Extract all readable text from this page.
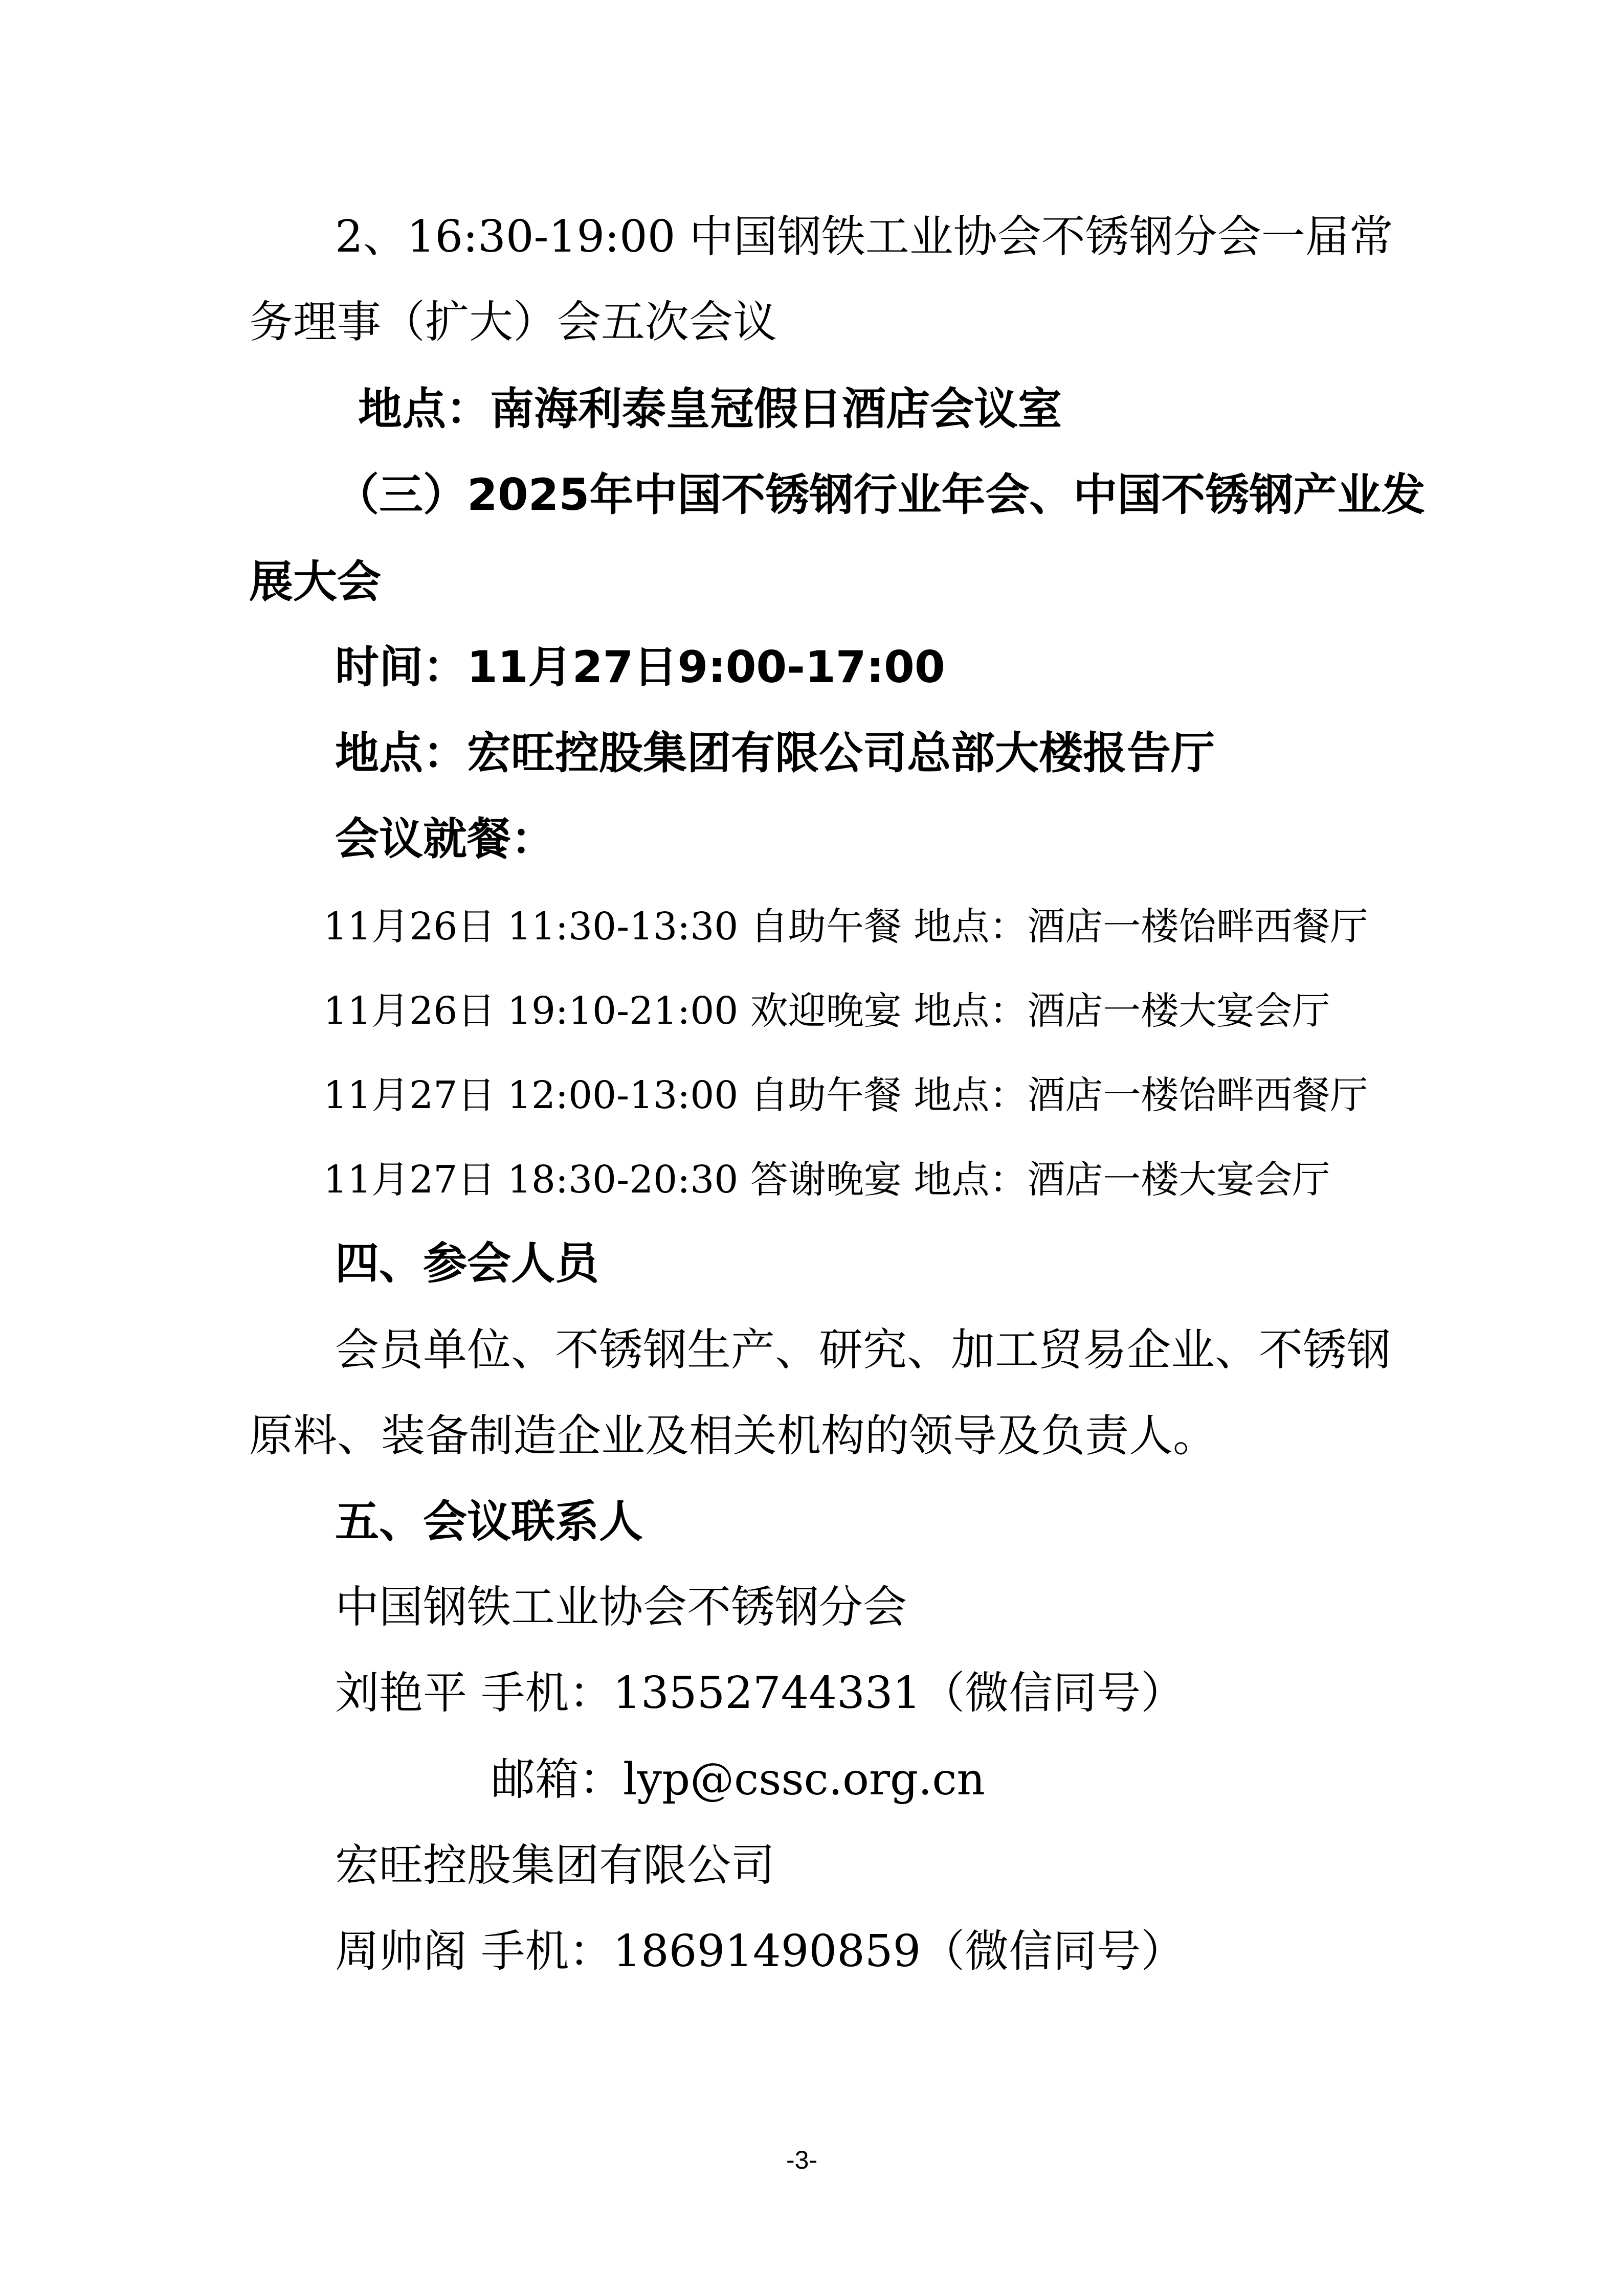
2、16:30-19:00 中国钢铁工业协会不锈钢分会一届常
务理事（扩大）会五次会议
地点：南海利泰皇冠假日酒店会议室
（三）2025年中国不锈钢行业年会、中国不锈钢产业发
展大会
时间：11月27日9:00-17:00
地点：宏旺控股集团有限公司总部大楼报告厅
会议就餐：
11月26日 11:30-13:30 自助午餐 地点：酒店一楼饴畔西餐厅
11月26日 19:10-21:00 欢迎晚宴 地点：酒店一楼大宴会厅
11月27日 12:00-13:00 自助午餐 地点：酒店一楼饴畔西餐厅
11月27日 18:30-20:30 答谢晚宴 地点：酒店一楼大宴会厅
四、参会人员
会员单位、不锈钢生产、研究、加工贸易企业、不锈钢
原料、装备制造企业及相关机构的领导及负责人。
五、会议联系人
中国钢铁工业协会不锈钢分会
刘艳平 手机：13552744331（微信同号）
邮箱：lyp@cssc.org.cn
宏旺控股集团有限公司
周帅阁 手机：18691490859（微信同号）
-3-
